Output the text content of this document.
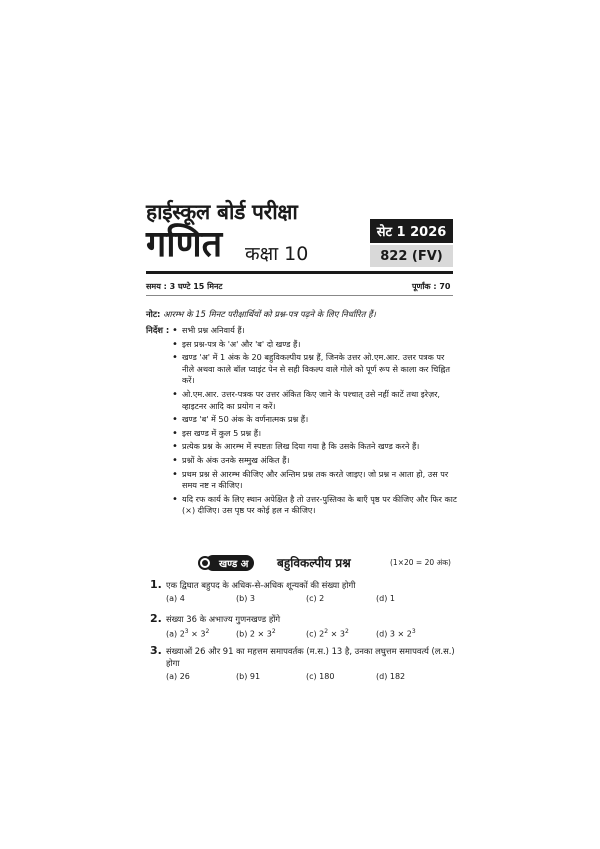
हाईस्कूल बोर्ड परीक्षा
गणित कक्षा 10
सेट 1 2026
822 (FV)
समय : 3 घण्टे 15 मिनट	पूर्णांक : 70
नोट: आरम्भ के 15 मिनट परीक्षार्थियों को प्रश्न-पत्र पढ़ने के लिए निर्धारित हैं।
निर्देश :
•	सभी प्रश्न अनिवार्य हैं।
• इस प्रश्न-पत्र के 'अ' और 'ब' दो खण्ड हैं।
• खण्ड 'अ' में 1 अंक के 20 बहुविकल्पीय प्रश्न हैं, जिनके उत्तर ओ.एम.आर. उत्तर पत्रक पर नीले अथवा काले बॉल प्वाइंट पेन से सही विकल्प वाले गोले को पूर्ण रूप से काला कर चिह्नित करें।
• ओ.एम.आर. उत्तर-पत्रक पर उत्तर अंकित किए जाने के पश्चात् उसे नहीं काटें तथा इरेज़र, व्हाइटनर आदि का प्रयोग न करें।
• खण्ड 'ब' में 50 अंक के वर्णनात्मक प्रश्न हैं।
• इस खण्ड में कुल 5 प्रश्न हैं।
• प्रत्येक प्रश्न के आरम्भ में स्पष्टतः लिख दिया गया है कि उसके कितने खण्ड करने हैं।
• प्रश्नों के अंक उनके सम्मुख अंकित हैं।
• प्रथम प्रश्न से आरम्भ कीजिए और अन्तिम प्रश्न तक करते जाइए। जो प्रश्न न आता हो, उस पर समय नष्ट न कीजिए।
• यदि रफ कार्य के लिए स्थान अपेक्षित है तो उत्तर-पुस्तिका के बाएँ पृष्ठ पर कीजिए और फिर काट (×) दीजिए। उस पृष्ठ पर कोई हल न कीजिए।
खण्ड अ	बहुविकल्पीय प्रश्न	(1×20 = 20 अंक)
1. एक द्विघात बहुपद के अधिक-से-अधिक शून्यकों की संख्या होगी
(a) 4	(b) 3	(c) 2	(d) 1
2. संख्या 36 के अभाज्य गुणनखण्ड होंगे
(a) $2^3 \times 3^2$	(b) $2 \times 3^2$	(c) $2^2 \times 3^2$	(d) $3 \times 2^3$
3. संख्याओं 26 और 91 का महत्तम समापवर्तक (म.स.) 13 है, उनका लघुत्तम समापवर्त्य (ल.स.) होगा
(a) 26	(b) 91	(c) 180	(d) 182
